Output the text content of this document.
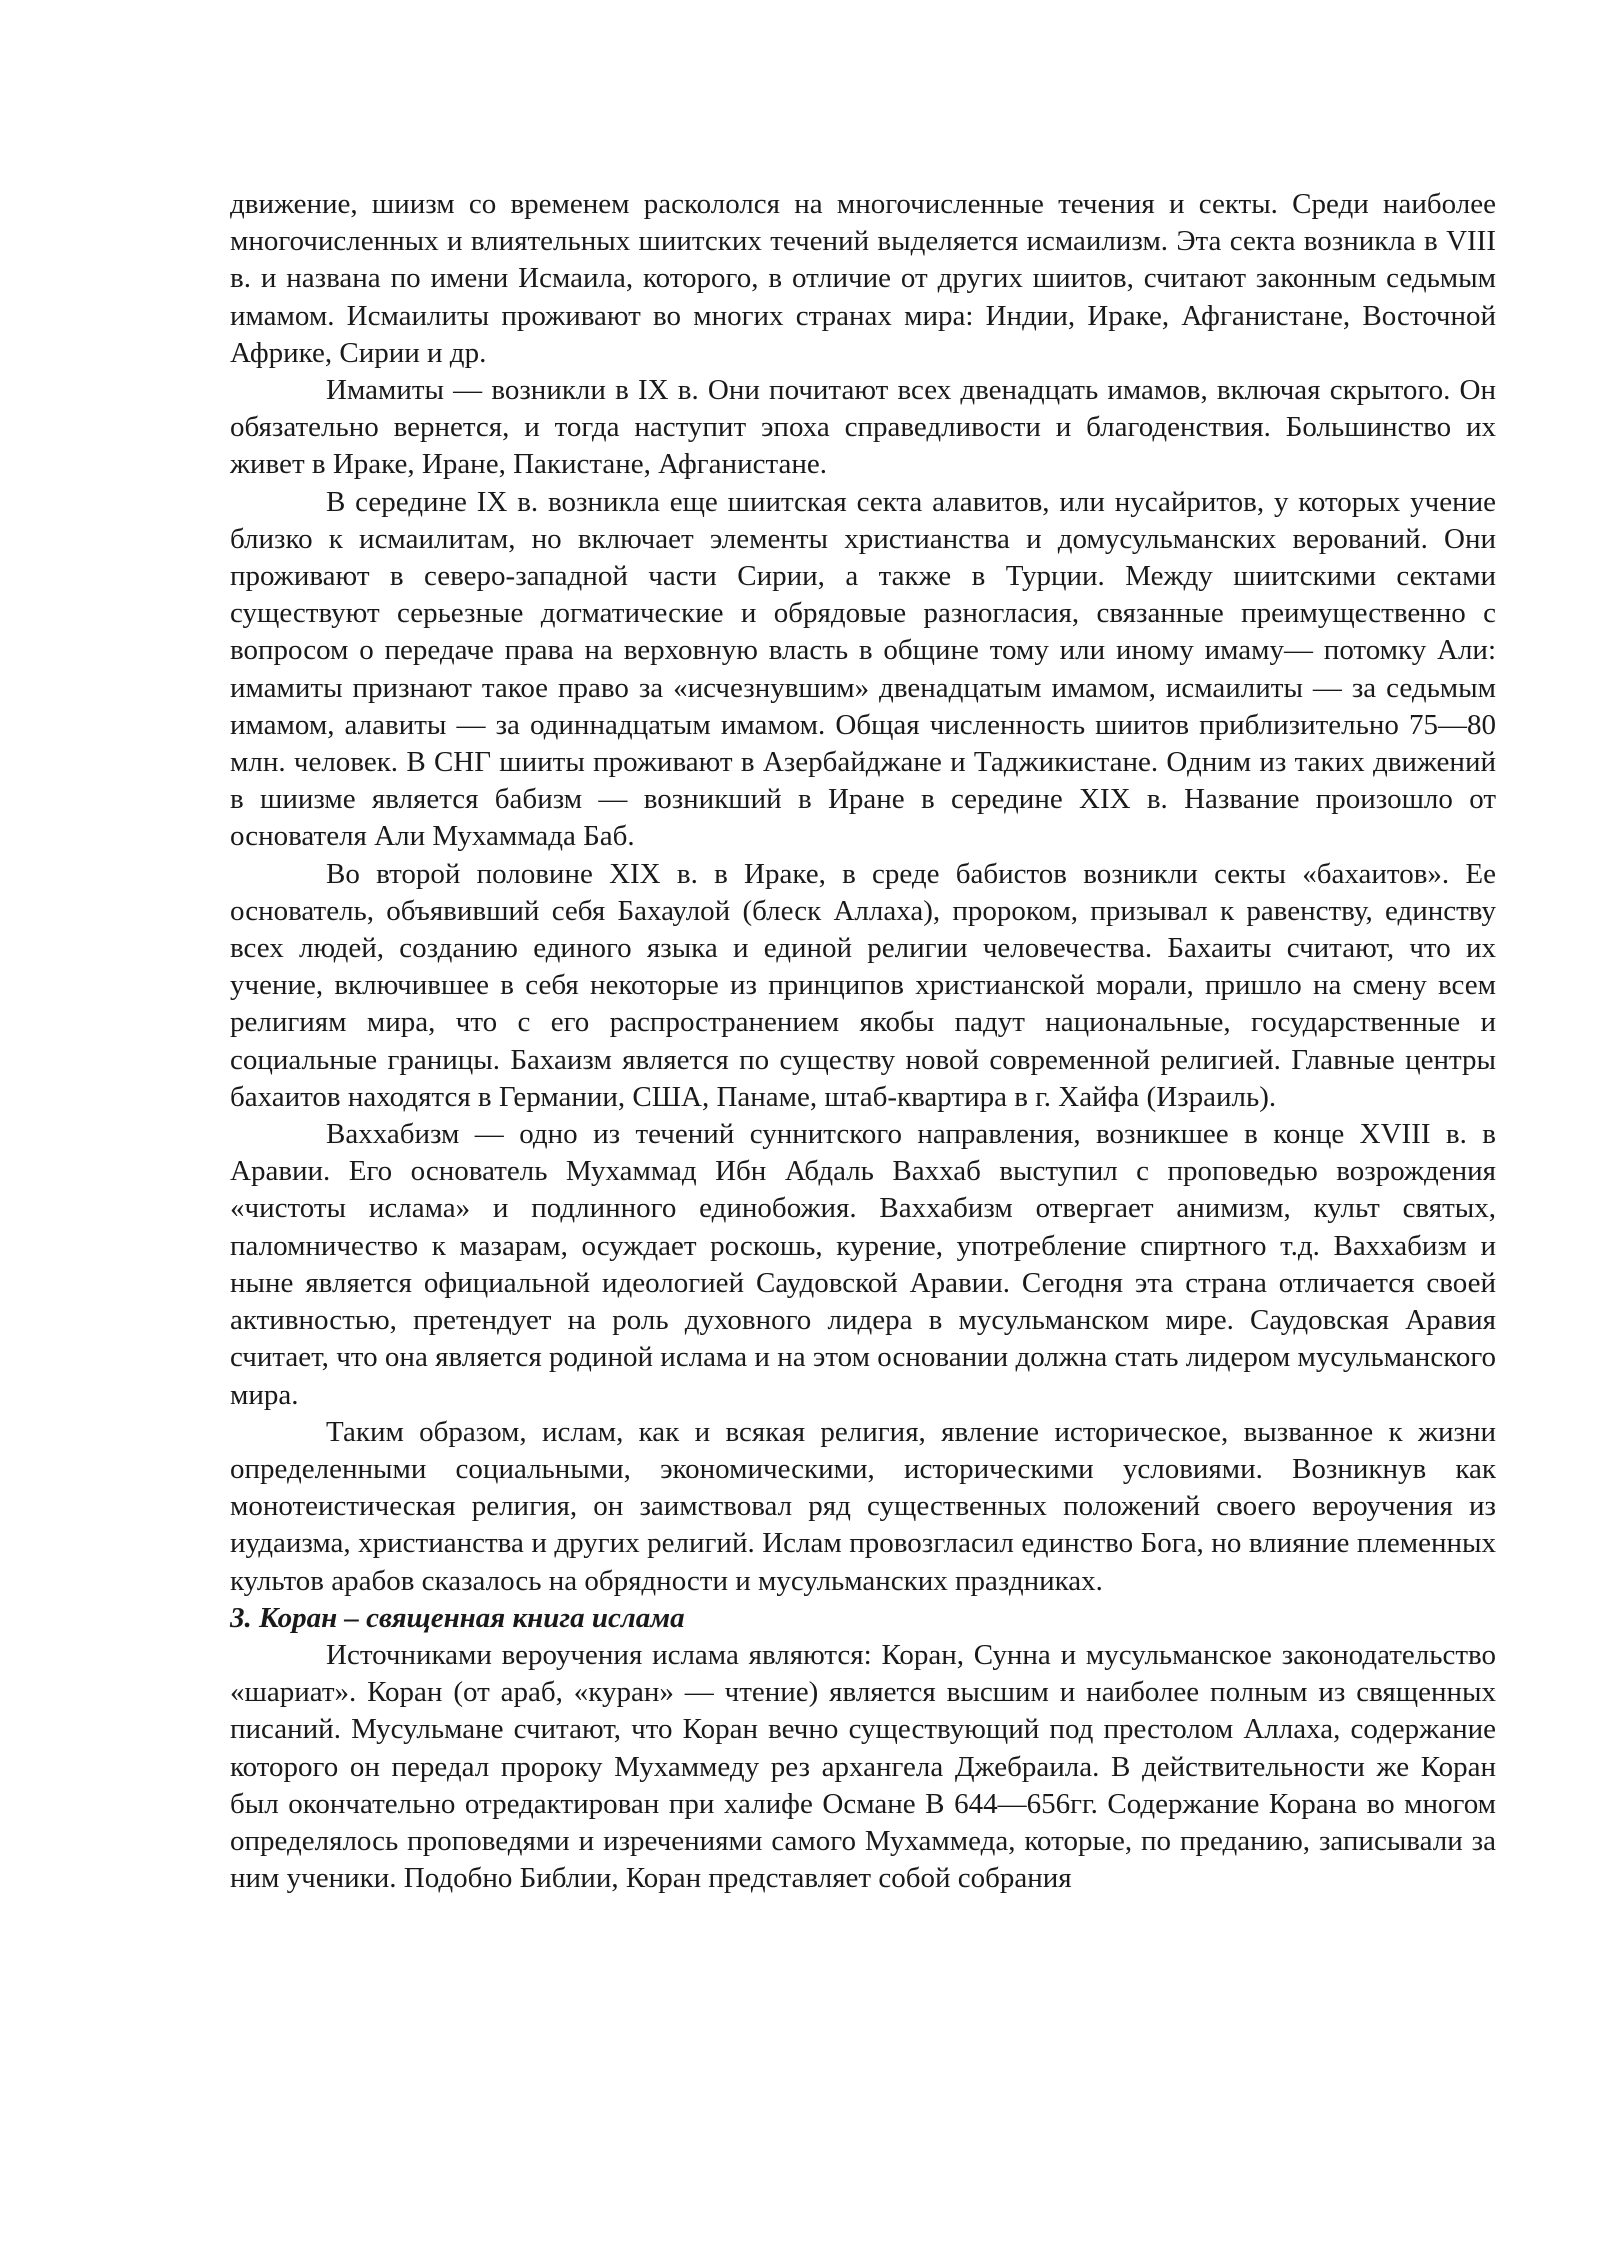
движение, шиизм со временем раскололся на многочисленные течения и секты. Среди наиболее многочисленных и влиятельных шиитских течений выделяется исмаилизм. Эта секта возникла в VIII в. и названа по имени Исмаила, которого, в отличие от других шиитов, считают законным седьмым имамом. Исмаилиты проживают во многих странах мира: Индии, Ираке, Афганистане, Восточной Африке, Сирии и др.

Имамиты — возникли в IX в. Они почитают всех двенадцать имамов, включая скрытого. Он обязательно вернется, и тогда наступит эпоха справедливости и благоденствия. Большинство их живет в Ираке, Иране, Пакистане, Афганистане.

В середине IX в. возникла еще шиитская секта алавитов, или нусайритов, у которых учение близко к исмаилитам, но включает элементы христианства и домусульманских верований. Они проживают в северо-западной части Сирии, а также в Турции. Между шиитскими сектами существуют серьезные догматические и обрядовые разногласия, связанные преимущественно с вопросом о передаче права на верховную власть в общине тому или иному имаму— потомку Али: имамиты признают такое право за «исчезнувшим» двенадцатым имамом, исмаилиты — за седьмым имамом, алавиты — за одиннадцатым имамом. Общая численность шиитов приблизительно 75—80 млн. человек. В СНГ шииты проживают в Азербайджане и Таджикистане. Одним из таких движений в шиизме является бабизм — возникший в Иране в середине XIX в. Название произошло от основателя Али Мухаммада Баб.

Во второй половине XIX в. в Ираке, в среде бабистов возникли секты «бахаитов». Ее основатель, объявивший себя Бахаулой (блеск Аллаха), пророком, призывал к равенству, единству всех людей, созданию единого языка и единой религии человечества. Бахаиты считают, что их учение, включившее в себя некоторые из принципов христианской морали, пришло на смену всем религиям мира, что с его распространением якобы падут национальные, государственные и социальные границы. Бахаизм является по существу новой современной религией. Главные центры бахаитов находятся в Германии, США, Панаме, штаб-квартира в г. Хайфа (Израиль).

Ваххабизм — одно из течений суннитского направления, возникшее в конце XVIII в. в Аравии. Его основатель Мухаммад Ибн Абдаль Ваххаб выступил с проповедью возрождения «чистоты ислама» и подлинного единобожия. Ваххабизм отвергает анимизм, культ святых, паломничество к мазарам, осуждает роскошь, курение, употребление спиртного т.д. Ваххабизм и ныне является официальной идеологией Саудовской Аравии. Сегодня эта страна отличается своей активностью, претендует на роль духовного лидера в мусульманском мире. Саудовская Аравия считает, что она является родиной ислама и на этом основании должна стать лидером мусульманского мира.

Таким образом, ислам, как и всякая религия, явление историческое, вызванное к жизни определенными социальными, экономическими, историческими условиями. Возникнув как монотеистическая религия, он заимствовал ряд существенных положений своего вероучения из иудаизма, христианства и других религий. Ислам провозгласил единство Бога, но влияние племенных культов арабов сказалось на обрядности и мусульманских праздниках.

3. Коран – священная книга ислама

Источниками вероучения ислама являются: Коран, Сунна и мусульманское законодательство «шариат». Коран (от араб, «куран» — чтение) является высшим и наиболее полным из священных писаний. Мусульмане считают, что Коран вечно существующий под престолом Аллаха, содержание которого он передал пророку Мухаммеду рез архангела Джебраила. В действительности же Коран был окончательно отредактирован при халифе Османе В 644—656гг. Содержание Корана во многом определялось проповедями и изречениями самого Мухаммеда, которые, по преданию, записывали за ним ученики. Подобно Библии, Коран представляет собой собрания
